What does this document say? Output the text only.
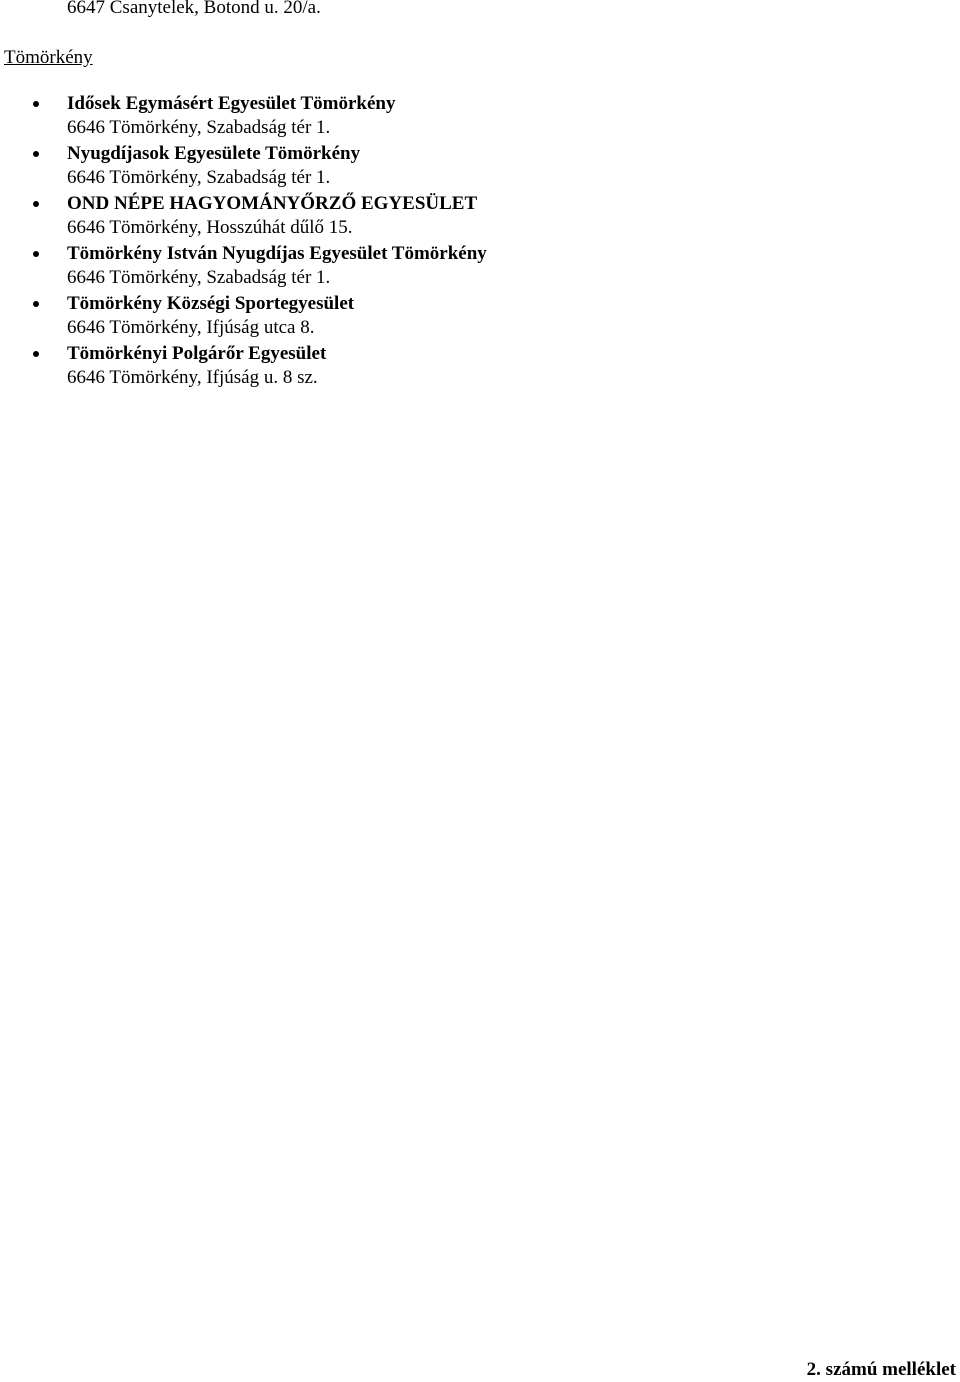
6647 Csanytelek, Botond u. 20/a.
Tömörkény
Idősek Egymásért Egyesület Tömörkény
6646 Tömörkény, Szabadság tér 1.
Nyugdíjasok Egyesülete Tömörkény
6646 Tömörkény, Szabadság tér 1.
OND NÉPE HAGYOMÁNYŐRZŐ EGYESÜLET
6646 Tömörkény, Hosszúhát dűlő 15.
Tömörkény István Nyugdíjas Egyesület Tömörkény
6646 Tömörkény, Szabadság tér 1.
Tömörkény Községi Sportegyesület
6646 Tömörkény, Ifjúság utca 8.
Tömörkényi Polgárőr Egyesület
6646 Tömörkény, Ifjúság u. 8 sz.
2. számú melléklet
